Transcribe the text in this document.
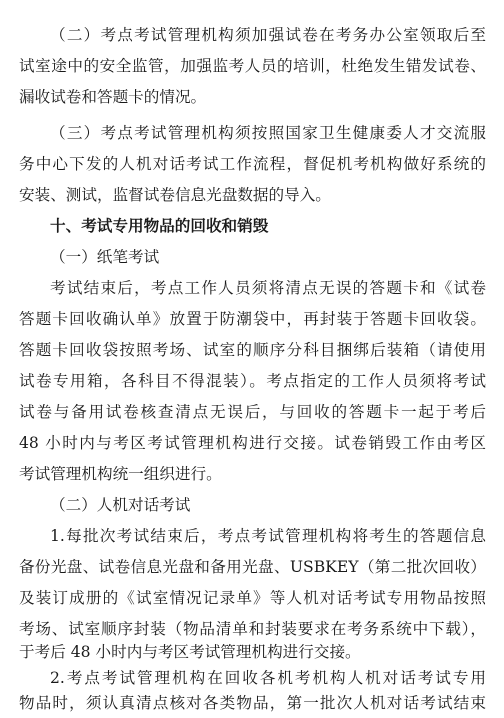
（二）考点考试管理机构须加强试卷在考务办公室领取后至
试室途中的安全监管，加强监考人员的培训，杜绝发生错发试卷、
漏收试卷和答题卡的情况。
（三）考点考试管理机构须按照国家卫生健康委人才交流服
务中心下发的人机对话考试工作流程，督促机考机构做好系统的
安装、测试，监督试卷信息光盘数据的导入。
十、考试专用物品的回收和销毁
（一）纸笔考试
考试结束后，考点工作人员须将清点无误的答题卡和《试卷
答题卡回收确认单》放置于防潮袋中，再封装于答题卡回收袋。
答题卡回收袋按照考场、试室的顺序分科目捆绑后装箱（请使用
试卷专用箱，各科目不得混装）。考点指定的工作人员须将考试
试卷与备用试卷核查清点无误后，与回收的答题卡一起于考后
48 小时内与考区考试管理机构进行交接。试卷销毁工作由考区
考试管理机构统一组织进行。
（二）人机对话考试
1.每批次考试结束后，考点考试管理机构将考生的答题信息
备份光盘、试卷信息光盘和备用光盘、USBKEY（第二批次回收）
及装订成册的《试室情况记录单》等人机对话考试专用物品按照
考场、试室顺序封装（物品清单和封装要求在考务系统中下载），
于考后 48 小时内与考区考试管理机构进行交接。
2.考点考试管理机构在回收各机考机构人机对话考试专用
物品时，须认真清点核对各类物品，第一批次人机对话考试结束
